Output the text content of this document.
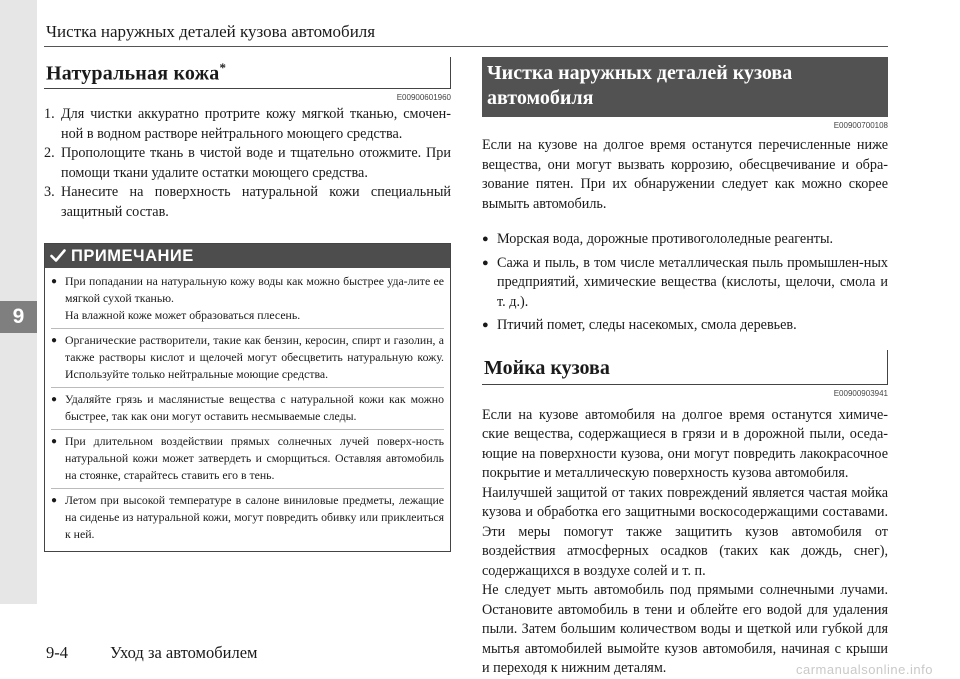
9
Чистка наружных деталей кузова автомобиля
Натуральная кожа*
E00900601960
1. Для чистки аккуратно протрите кожу мягкой тканью, смочен-ной в водном растворе нейтрального моющего средства.
2. Прополощите ткань в чистой воде и тщательно отожмите. При помощи ткани удалите остатки моющего средства.
3. Нанесите на поверхность натуральной кожи специальный защитный состав.
ПРИМЕЧАНИЕ
● При попадании на натуральную кожу воды как можно быстрее уда-лите ее мягкой сухой тканью.
На влажной коже может образоваться плесень.
● Органические растворители, такие как бензин, керосин, спирт и газолин, а также растворы кислот и щелочей могут обесцветить натуральную кожу. Используйте только нейтральные моющие средства.
● Удаляйте грязь и маслянистые вещества с натуральной кожи как можно быстрее, так как они могут оставить несмываемые следы.
● При длительном воздействии прямых солнечных лучей поверх-ность натуральной кожи может затвердеть и сморщиться. Оставляя автомобиль на стоянке, старайтесь ставить его в тень.
● Летом при высокой температуре в салоне виниловые предметы, лежащие на сиденье из натуральной кожи, могут повредить обивку или приклеиться к ней.
Чистка наружных деталей кузова автомобиля
E00900700108

Если на кузове на долгое время останутся перечисленные ниже вещества, они могут вызвать коррозию, обесцвечивание и обра-зование пятен. При их обнаружении следует как можно скорее вымыть автомобиль.

● Морская вода, дорожные противогололедные реагенты.
● Сажа и пыль, в том числе металлическая пыль промышлен-ных предприятий, химические вещества (кислоты, щелочи, смола и т. д.).
● Птичий помет, следы насекомых, смола деревьев.
Мойка кузова
E00900903941

Если на кузове автомобиля на долгое время останутся химиче-ские вещества, содержащиеся в грязи и в дорожной пыли, оседа-ющие на поверхности кузова, они могут повредить лакокрасочное покрытие и металлическую поверхность кузова автомобиля.

Наилучшей защитой от таких повреждений является частая мойка кузова и обработка его защитными воскосодержащими составами. Эти меры помогут также защитить кузов автомобиля от воздействия атмосферных осадков (таких как дождь, снег), содержащихся в воздухе солей и т. п.

Не следует мыть автомобиль под прямыми солнечными лучами. Остановите автомобиль в тени и облейте его водой для удаления пыли. Затем большим количеством воды и щеткой или губкой для мытья автомобилей вымойте кузов автомобиля, начиная с крыши и переходя к нижним деталям.

9-4	Уход за автомобилем
carmanualsonline.info
